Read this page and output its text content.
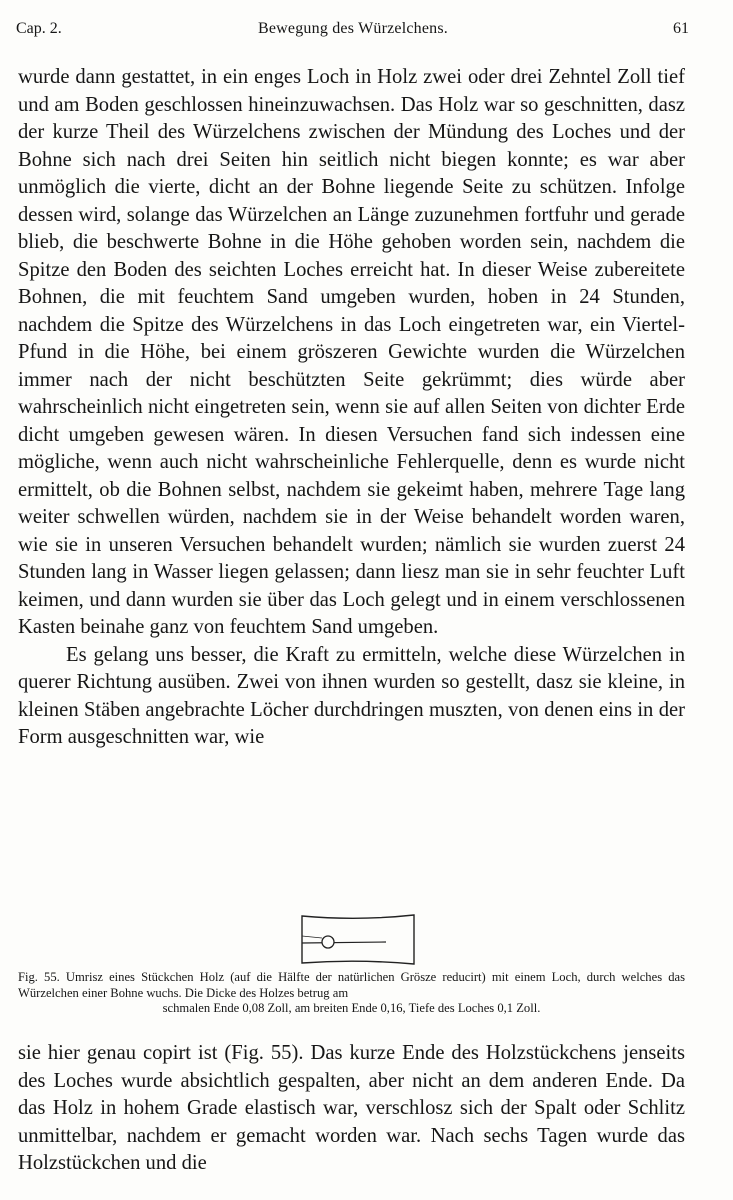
Cap. 2.	Bewegung des Würzelchens.	61

wurde dann gestattet, in ein enges Loch in Holz zwei oder drei Zehntel Zoll tief und am Boden geschlossen hineinzuwachsen. Das Holz war so geschnitten, dasz der kurze Theil des Würzelchens zwischen der Mündung des Loches und der Bohne sich nach drei Seiten hin seitlich nicht biegen konnte; es war aber unmöglich die vierte, dicht an der Bohne liegende Seite zu schützen. Infolge dessen wird, solange das Würzelchen an Länge zuzunehmen fortfuhr und gerade blieb, die beschwerte Bohne in die Höhe gehoben worden sein, nachdem die Spitze den Boden des seichten Loches erreicht hat. In dieser Weise zubereitete Bohnen, die mit feuchtem Sand umgeben wurden, hoben in 24 Stunden, nachdem die Spitze des Würzelchens in das Loch eingetreten war, ein Viertel-Pfund in die Höhe, bei einem gröszeren Gewichte wurden die Würzelchen immer nach der nicht beschützten Seite gekrümmt; dies würde aber wahrscheinlich nicht eingetreten sein, wenn sie auf allen Seiten von dichter Erde dicht umgeben gewesen wären. In diesen Versuchen fand sich indessen eine mögliche, wenn auch nicht wahrscheinliche Fehlerquelle, denn es wurde nicht ermittelt, ob die Bohnen selbst, nachdem sie gekeimt haben, mehrere Tage lang weiter schwellen würden, nachdem sie in der Weise behandelt worden waren, wie sie in unseren Versuchen behandelt wurden; nämlich sie wurden zuerst 24 Stunden lang in Wasser liegen gelassen; dann liesz man sie in sehr feuchter Luft keimen, und dann wurden sie über das Loch gelegt und in einem verschlossenen Kasten beinahe ganz von feuchtem Sand umgeben.

Es gelang uns besser, die Kraft zu ermitteln, welche diese Würzelchen in querer Richtung ausüben. Zwei von ihnen wurden so gestellt, dasz sie kleine, in kleinen Stäben angebrachte Löcher durchdringen muszten, von denen eins in der Form ausgeschnitten war, wie

Fig. 55. Umrisz eines Stückchen Holz (auf die Hälfte der natürlichen Grösze reducirt) mit einem Loch, durch welches das Würzelchen einer Bohne wuchs. Die Dicke des Holzes betrug am
schmalen Ende 0,08 Zoll, am breiten Ende 0,16, Tiefe des Loches 0,1 Zoll.

sie hier genau copirt ist (Fig. 55). Das kurze Ende des Holzstückchens jenseits des Loches wurde absichtlich gespalten, aber nicht an dem anderen Ende. Da das Holz in hohem Grade elastisch war, verschlosz sich der Spalt oder Schlitz unmittelbar, nachdem er gemacht worden war. Nach sechs Tagen wurde das Holzstückchen und die
